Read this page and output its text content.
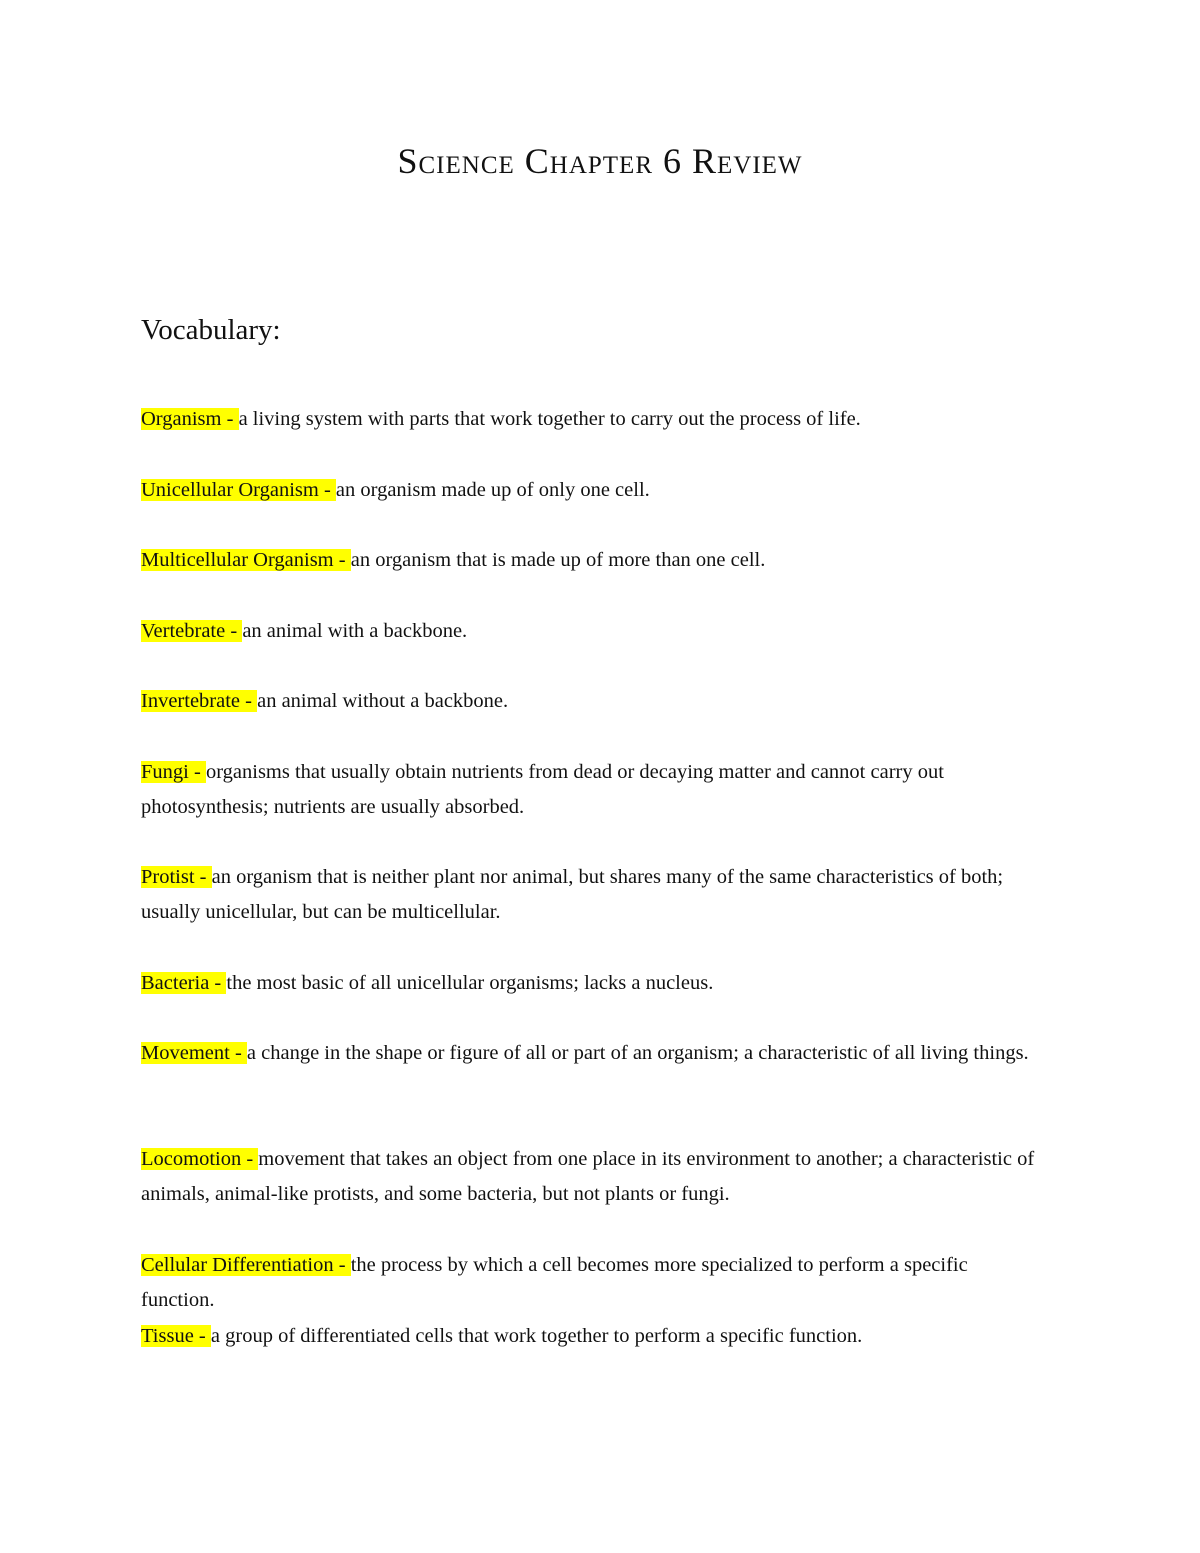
Science Chapter 6 Review
Vocabulary:

Organism - a living system with parts that work together to carry out the process of life.

Unicellular Organism - an organism made up of only one cell.

Multicellular Organism - an organism that is made up of more than one cell.

Vertebrate - an animal with a backbone.

Invertebrate - an animal without a backbone.

Fungi - organisms that usually obtain nutrients from dead or decaying matter and cannot carry out photosynthesis; nutrients are usually absorbed.

Protist - an organism that is neither plant nor animal, but shares many of the same characteristics of both; usually unicellular, but can be multicellular.

Bacteria - the most basic of all unicellular organisms; lacks a nucleus.

Movement - a change in the shape or figure of all or part of an organism; a characteristic of all living things.

Locomotion - movement that takes an object from one place in its environment to another; a characteristic of animals, animal-like protists, and some bacteria, but not plants or fungi.

Cellular Differentiation - the process by which a cell becomes more specialized to perform a specific function.

Tissue - a group of differentiated cells that work together to perform a specific function.
